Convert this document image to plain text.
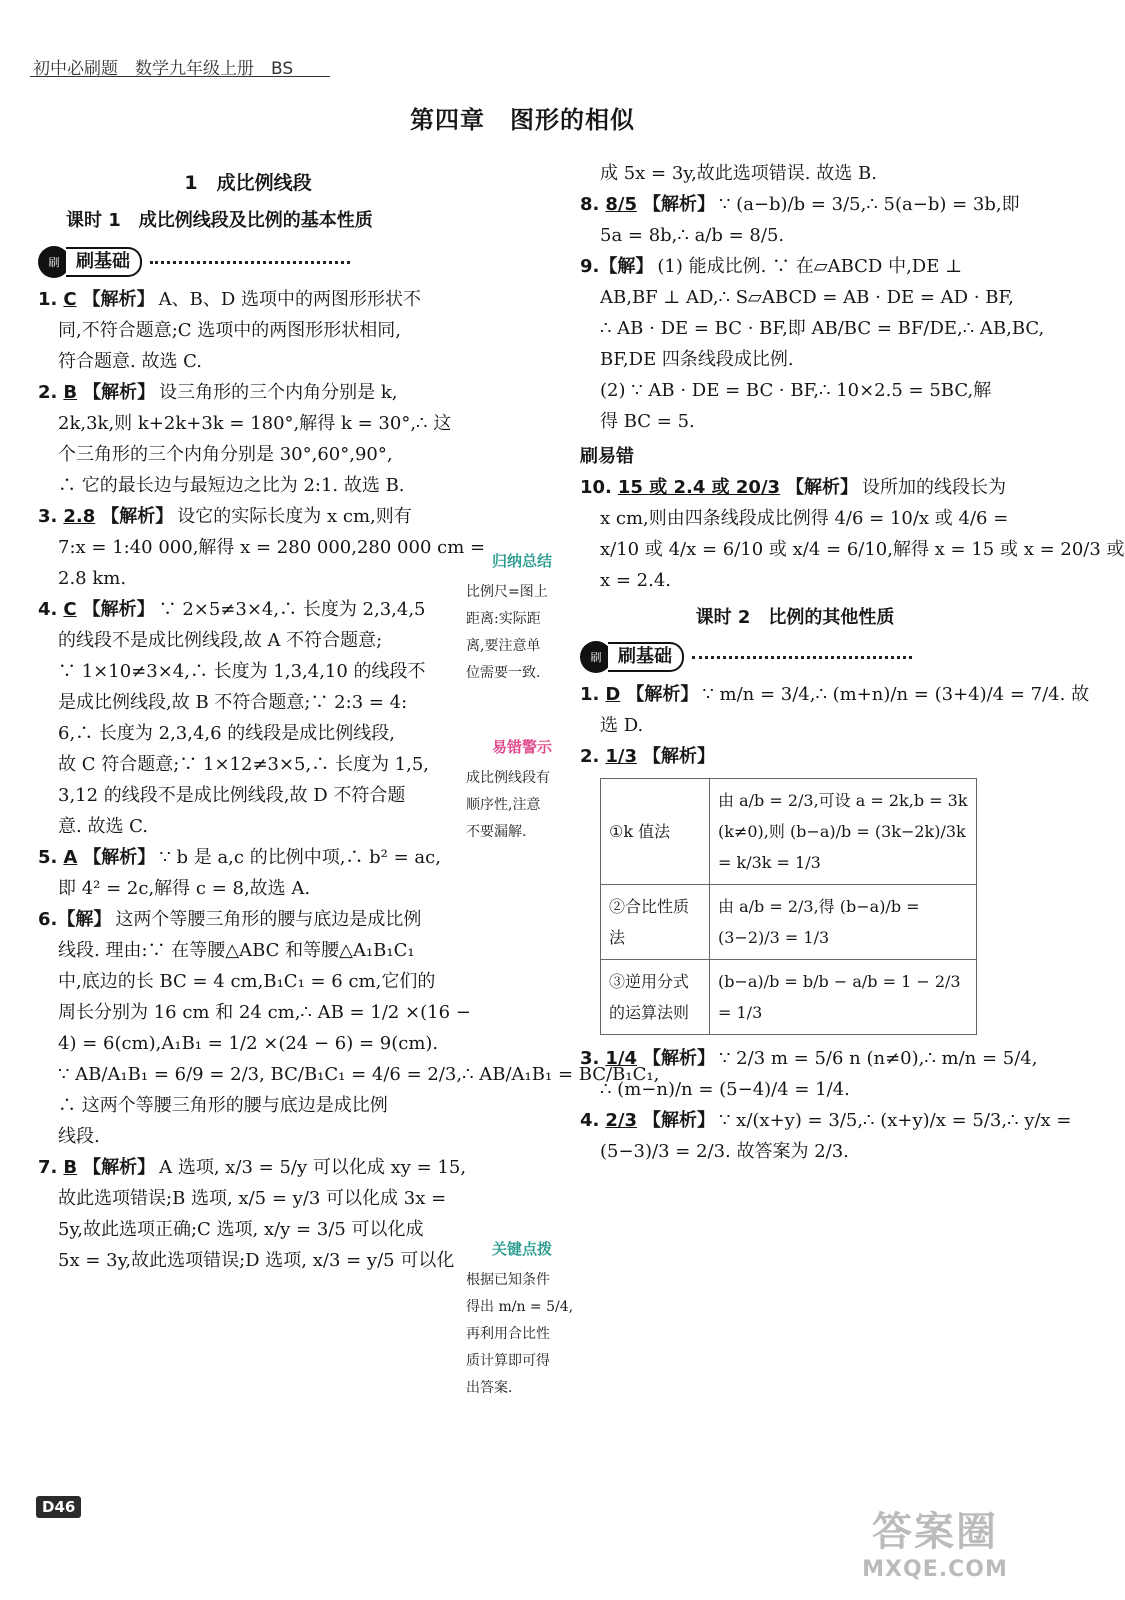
初中必刷题　数学九年级上册　BS
第四章　图形的相似

1　成比例线段

课时 1　成比例线段及比例的基本性质

刷 刷基础

1. C 【解析】 A、B、D 选项中的两图形形状不

同,不符合题意;C 选项中的两图形形状相同,

符合题意. 故选 C.

2. B 【解析】 设三角形的三个内角分别是 k,

2k,3k,则 k+2k+3k = 180°,解得 k = 30°,∴ 这

个三角形的三个内角分别是 30°,60°,90°,

∴ 它的最长边与最短边之比为 2:1. 故选 B.

3. 2.8 【解析】 设它的实际长度为 x cm,则有

7:x = 1:40 000,解得 x = 280 000,280 000 cm =

2.8 km.

4. C 【解析】 ∵ 2×5≠3×4,∴ 长度为 2,3,4,5

的线段不是成比例线段,故 A 不符合题意;

∵ 1×10≠3×4,∴ 长度为 1,3,4,10 的线段不

是成比例线段,故 B 不符合题意;∵ 2:3 = 4:

6,∴ 长度为 2,3,4,6 的线段是成比例线段,

故 C 符合题意;∵ 1×12≠3×5,∴ 长度为 1,5,

3,12 的线段不是成比例线段,故 D 不符合题

意. 故选 C.

5. A 【解析】 ∵ b 是 a,c 的比例中项,∴ b² = ac,

即 4² = 2c,解得 c = 8,故选 A.

6.【解】 这两个等腰三角形的腰与底边是成比例

线段. 理由:∵ 在等腰△ABC 和等腰△A₁B₁C₁

中,底边的长 BC = 4 cm,B₁C₁ = 6 cm,它们的

周长分别为 16 cm 和 24 cm,∴ AB = 1/2 ×(16 −

4) = 6(cm),A₁B₁ = 1/2 ×(24 − 6) = 9(cm).

∵ AB/A₁B₁ = 6/9 = 2/3, BC/B₁C₁ = 4/6 = 2/3,∴ AB/A₁B₁ = BC/B₁C₁,

∴ 这两个等腰三角形的腰与底边是成比例

线段.

7. B 【解析】 A 选项, x/3 = 5/y 可以化成 xy = 15,

故此选项错误;B 选项, x/5 = y/3 可以化成 3x =

5y,故此选项正确;C 选项, x/y = 3/5 可以化成

5x = 3y,故此选项错误;D 选项, x/3 = y/5 可以化

归纳总结

比例尺=图上

距离:实际距

离,要注意单

位需要一致.

易错警示

成比例线段有

顺序性,注意

不要漏解.

关键点拨

根据已知条件

得出 m/n = 5/4,

再利用合比性

质计算即可得

出答案.

成 5x = 3y,故此选项错误. 故选 B.

8. 8/5 【解析】 ∵ (a−b)/b = 3/5,∴ 5(a−b) = 3b,即

5a = 8b,∴ a/b = 8/5.

9.【解】 (1) 能成比例. ∵ 在▱ABCD 中,DE ⊥

AB,BF ⊥ AD,∴ S▱ABCD = AB · DE = AD · BF,

∴ AB · DE = BC · BF,即 AB/BC = BF/DE,∴ AB,BC,

BF,DE 四条线段成比例.

(2) ∵ AB · DE = BC · BF,∴ 10×2.5 = 5BC,解

得 BC = 5.

刷易错

10. 15 或 2.4 或 20/3 【解析】 设所加的线段长为

x cm,则由四条线段成比例得 4/6 = 10/x 或 4/6 =

x/10 或 4/x = 6/10 或 x/4 = 6/10,解得 x = 15 或 x = 20/3 或

x = 2.4.

课时 2　比例的其他性质

刷 刷基础

1. D 【解析】 ∵ m/n = 3/4,∴ (m+n)/n = (3+4)/4 = 7/4. 故

选 D.

2. 1/3 【解析】

①k 值法	由 a/b = 2/3,可设 a = 2k,b = 3k (k≠0),则 (b−a)/b = (3k−2k)/3k = k/3k = 1/3
②合比性质法	由 a/b = 2/3,得 (b−a)/b = (3−2)/3 = 1/3
③逆用分式的运算法则	(b−a)/b = b/b − a/b = 1 − 2/3 = 1/3

3. 1/4 【解析】 ∵ 2/3 m = 5/6 n (n≠0),∴ m/n = 5/4,

∴ (m−n)/n = (5−4)/4 = 1/4.

4. 2/3 【解析】 ∵ x/(x+y) = 3/5,∴ (x+y)/x = 5/3,∴ y/x =

(5−3)/3 = 2/3. 故答案为 2/3.

D46
答案圈
MXQE.COM
